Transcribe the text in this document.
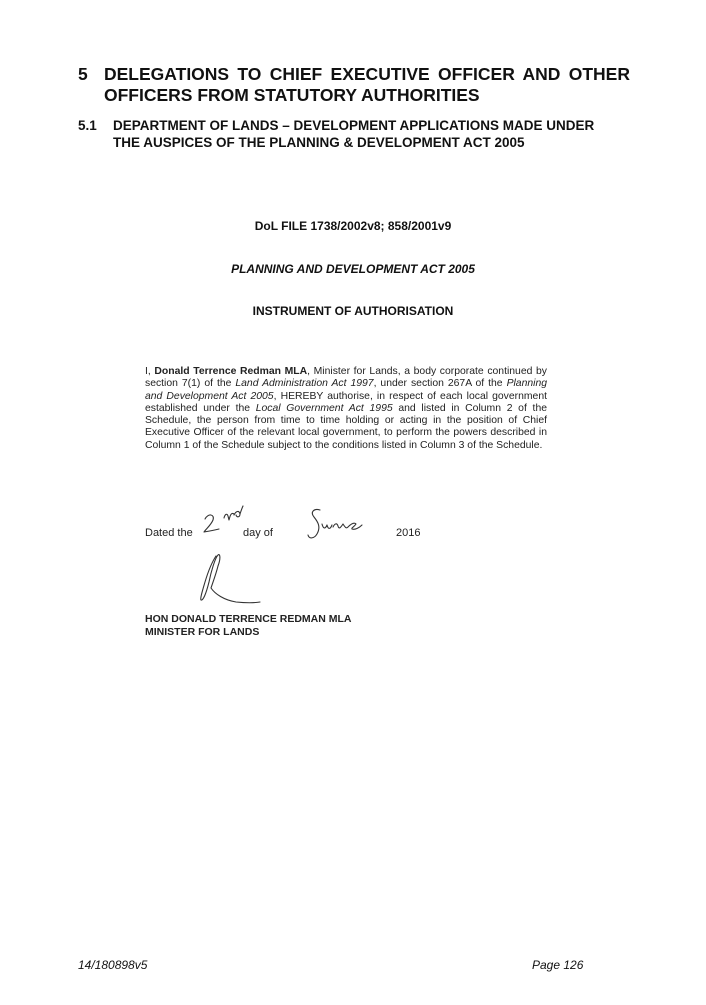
5 DELEGATIONS TO CHIEF EXECUTIVE OFFICER AND OTHER
OFFICERS FROM STATUTORY AUTHORITIES
5.1 DEPARTMENT OF LANDS – DEVELOPMENT APPLICATIONS MADE UNDER
THE AUSPICES OF THE PLANNING & DEVELOPMENT ACT 2005
DoL FILE 1738/2002v8; 858/2001v9
PLANNING AND DEVELOPMENT ACT 2005
INSTRUMENT OF AUTHORISATION
I, Donald Terrence Redman MLA, Minister for Lands, a body corporate continued by section 7(1) of the Land Administration Act 1997, under section 267A of the Planning and Development Act 2005, HEREBY authorise, in respect of each local government established under the Local Government Act 1995 and listed in Column 2 of the Schedule, the person from time to time holding or acting in the position of Chief Executive Officer of the relevant local government, to perform the powers described in Column 1 of the Schedule subject to the conditions listed in Column 3 of the Schedule.
Dated the	day of	2016
HON DONALD TERRENCE REDMAN MLA
MINISTER FOR LANDS
14/180898v5	Page 126
